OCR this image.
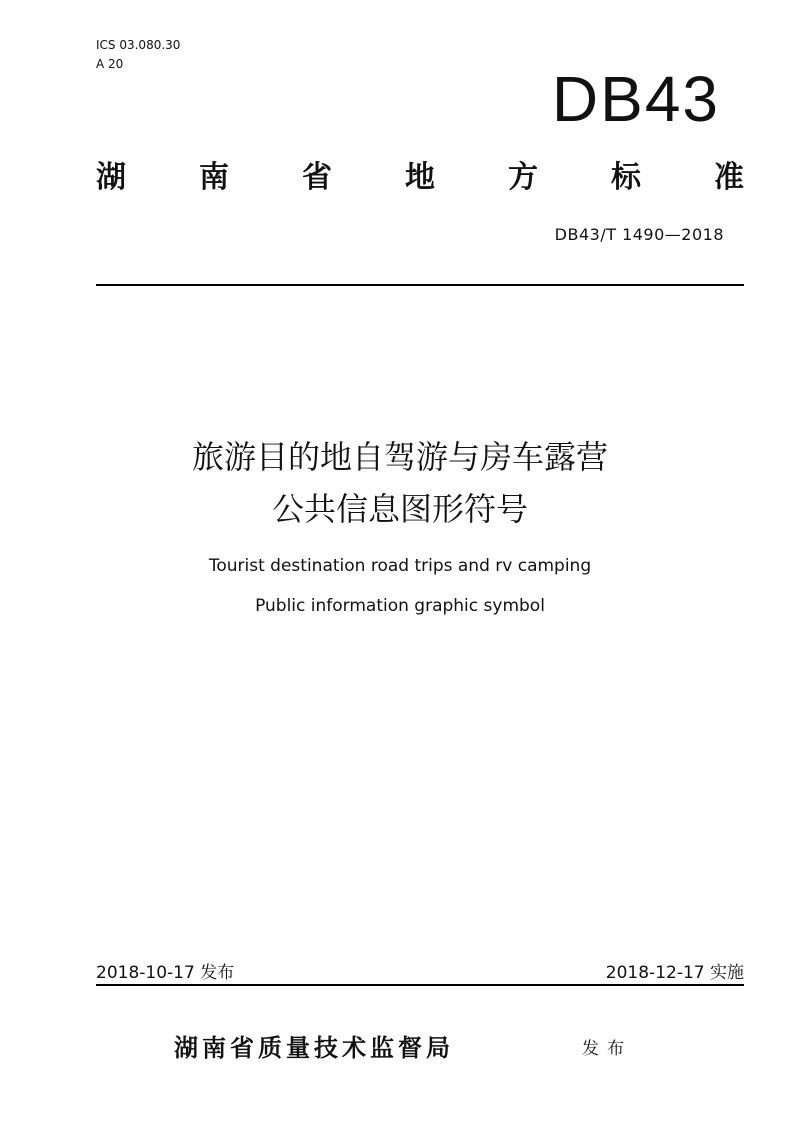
ICS 03.080.30
A 20	DB43
湖 南 省 地 方 标 准
DB43/T 1490—2018
旅游目的地自驾游与房车露营
公共信息图形符号
Tourist destination road trips and rv camping
Public information graphic symbol
2018-10-17 发布	2018-12-17 实施
湖南省质量技术监督局	发布
